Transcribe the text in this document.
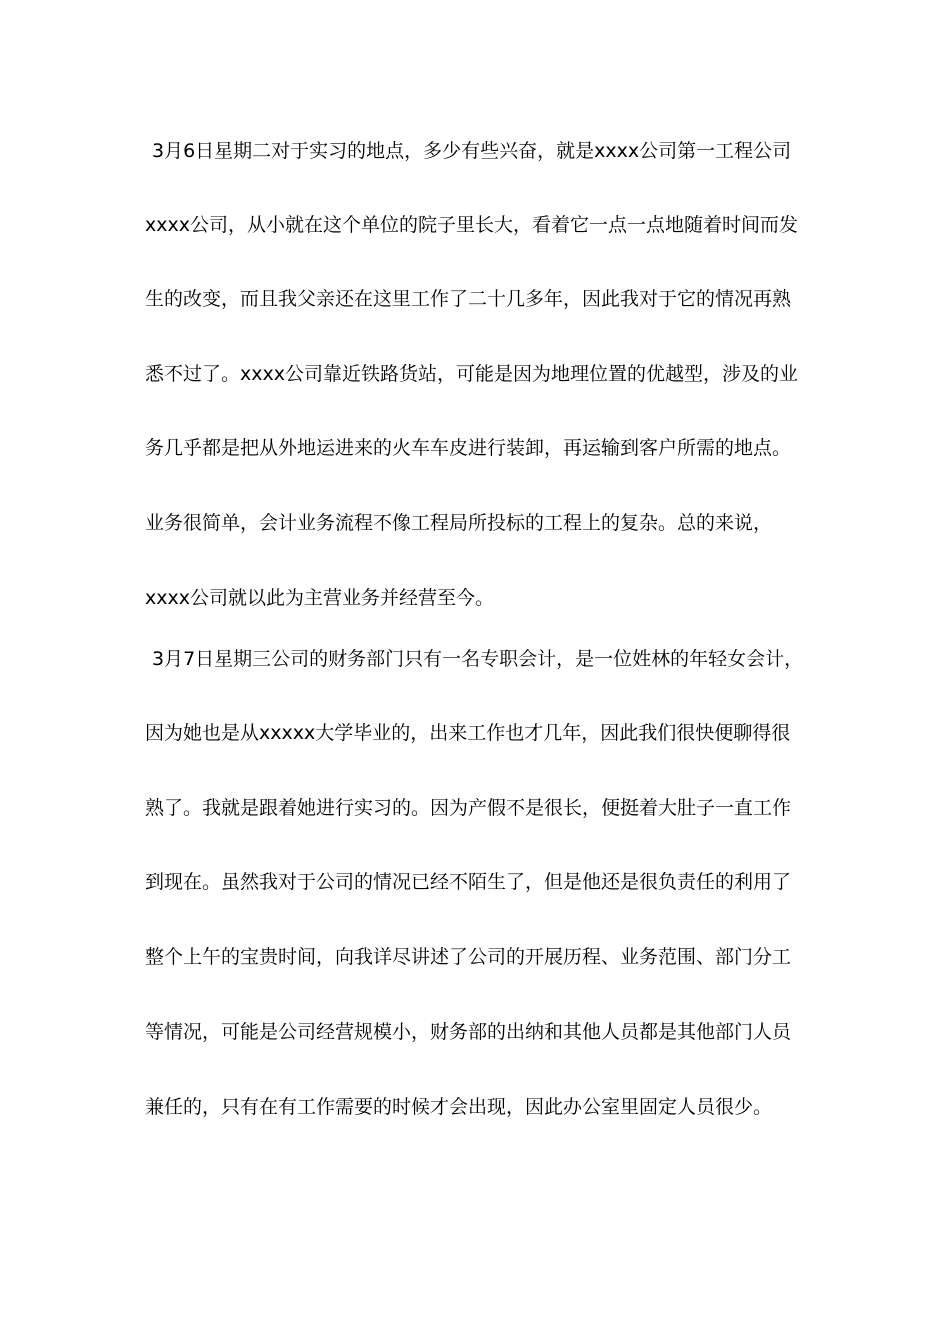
3月6日星期二对于实习的地点，多少有些兴奋，就是xxxx公司第一工程公司

xxxx公司，从小就在这个单位的院子里长大，看着它一点一点地随着时间而发

生的改变，而且我父亲还在这里工作了二十几多年，因此我对于它的情况再熟

悉不过了。xxxx公司靠近铁路货站，可能是因为地理位置的优越型，涉及的业

务几乎都是把从外地运进来的火车车皮进行装卸，再运输到客户所需的地点。

业务很简单，会计业务流程不像工程局所投标的工程上的复杂。总的来说，

xxxx公司就以此为主营业务并经营至今。

3月7日星期三公司的财务部门只有一名专职会计，是一位姓林的年轻女会计，

因为她也是从xxxxx大学毕业的，出来工作也才几年，因此我们很快便聊得很

熟了。我就是跟着她进行实习的。因为产假不是很长，便挺着大肚子一直工作

到现在。虽然我对于公司的情况已经不陌生了，但是他还是很负责任的利用了

整个上午的宝贵时间，向我详尽讲述了公司的开展历程、业务范围、部门分工

等情况，可能是公司经营规模小，财务部的出纳和其他人员都是其他部门人员

兼任的，只有在有工作需要的时候才会出现，因此办公室里固定人员很少。
